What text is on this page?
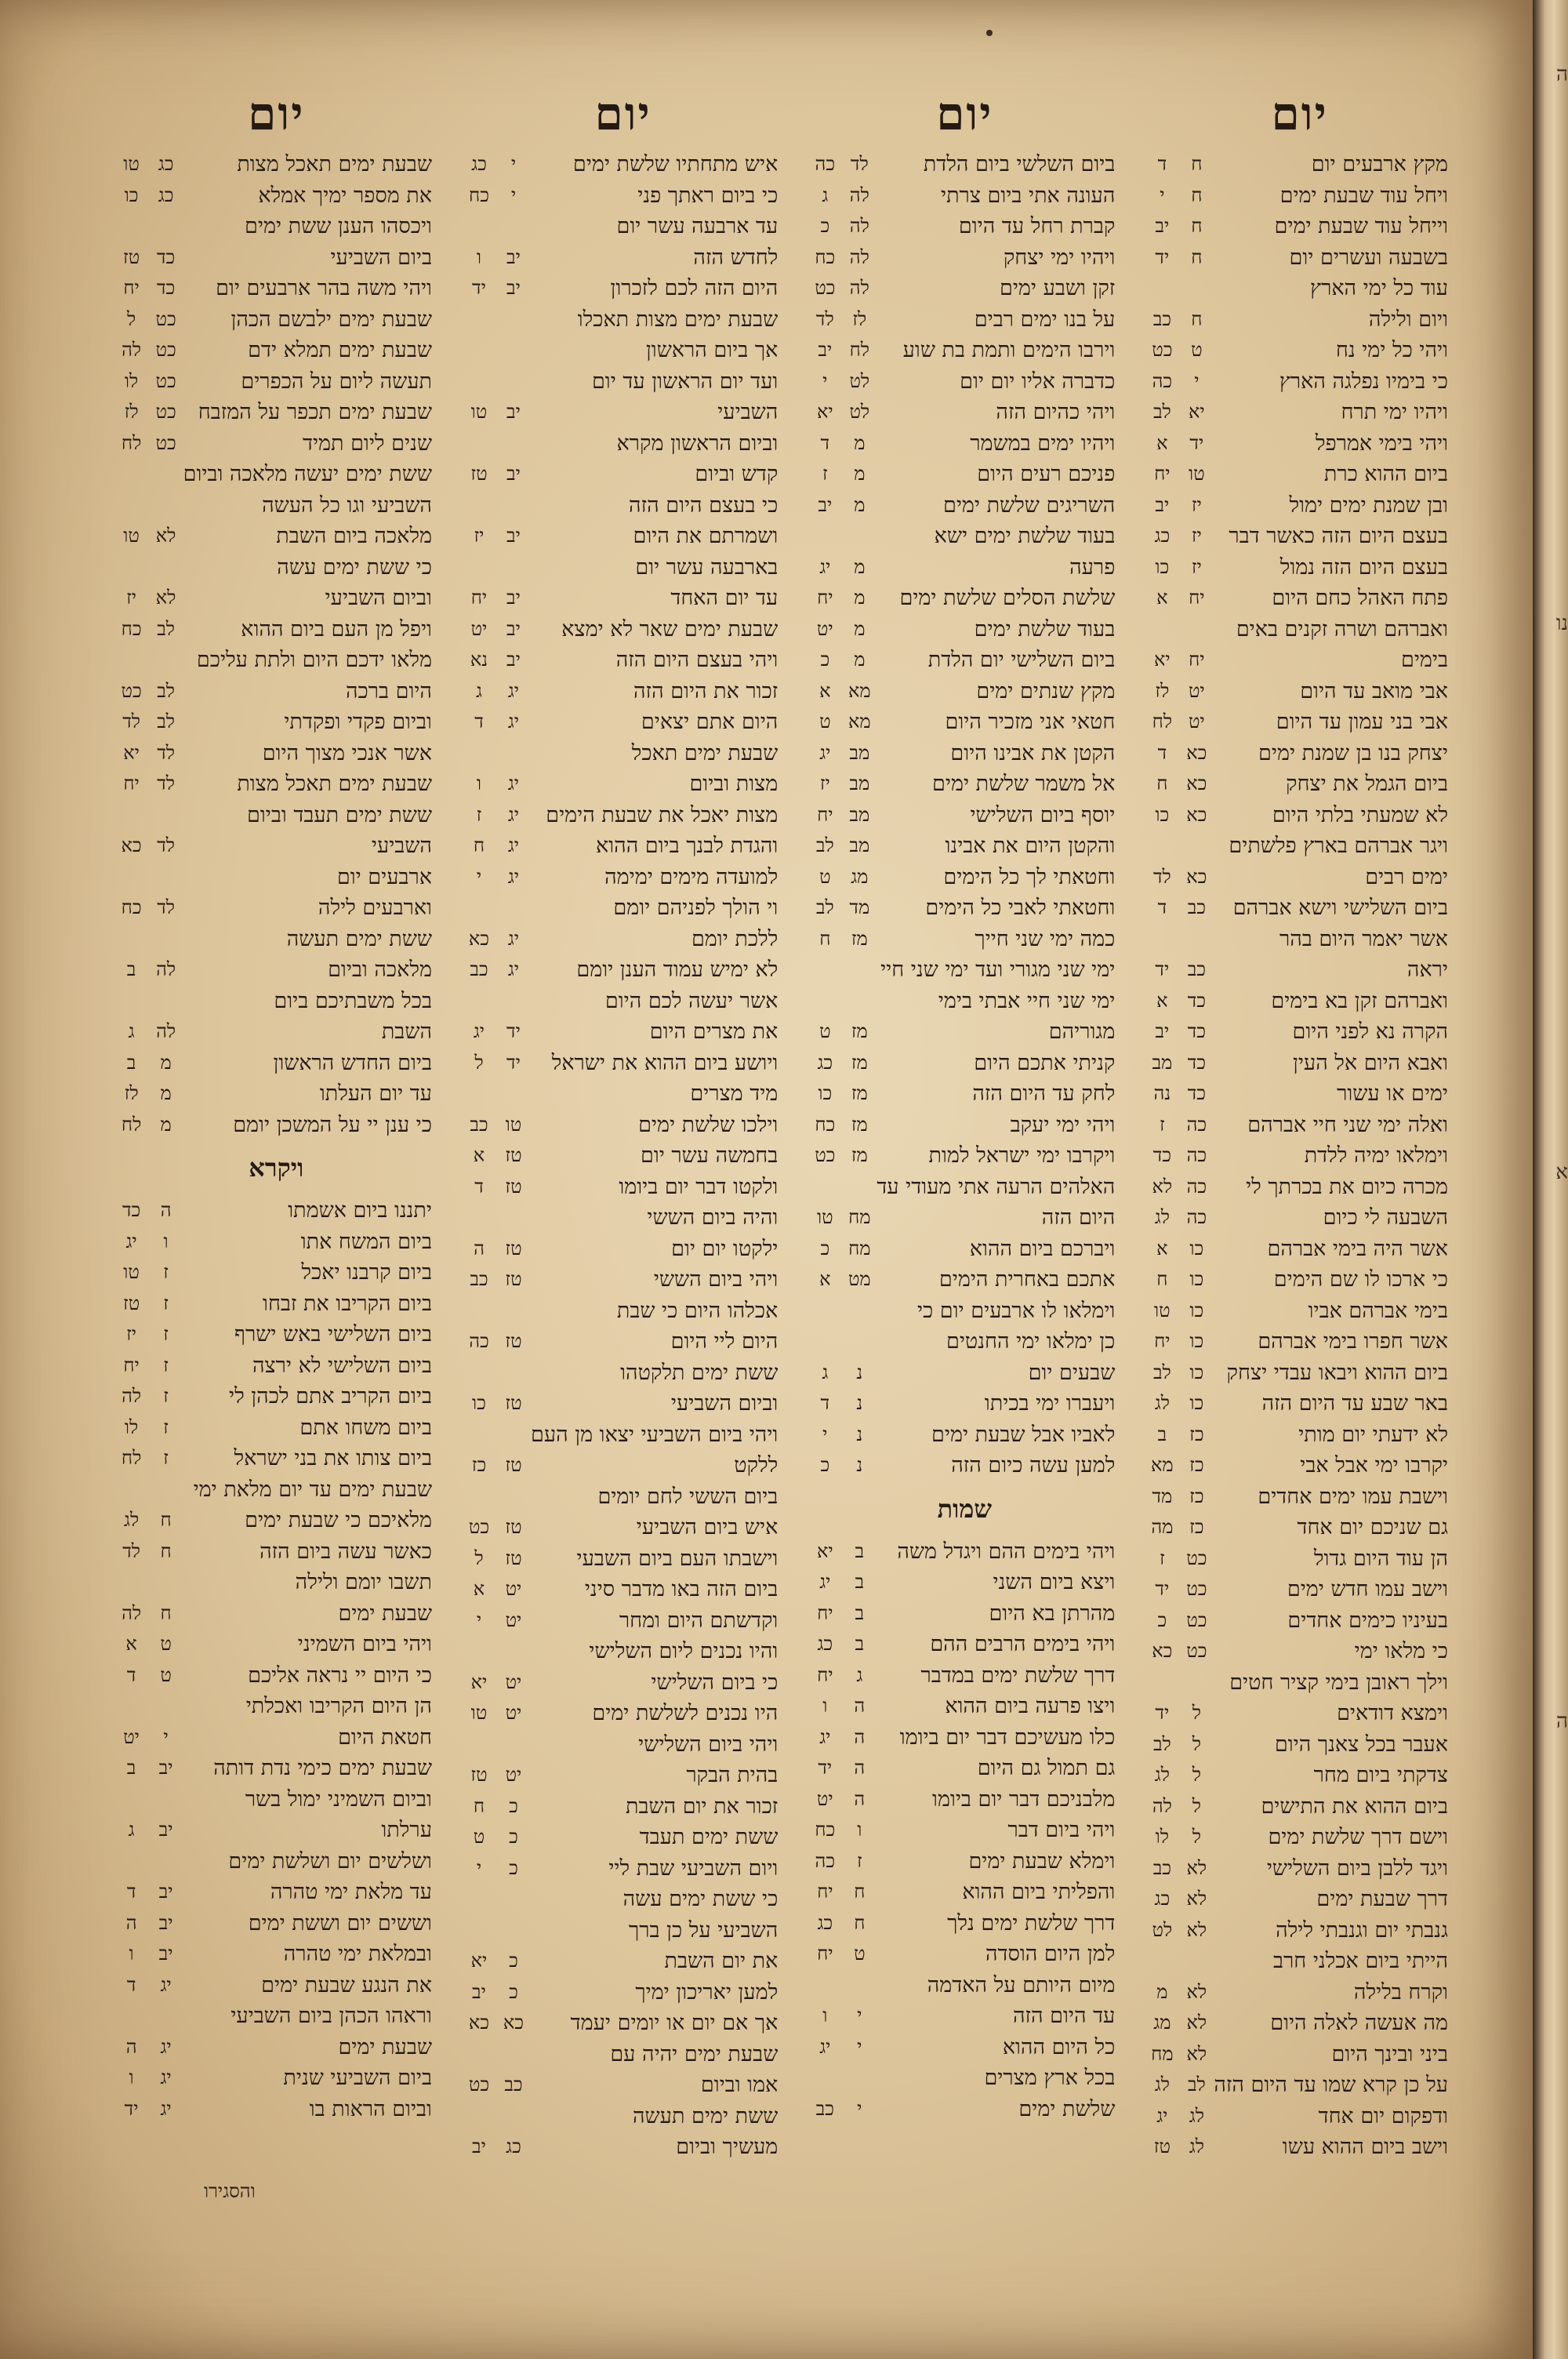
יום
מקץ ארבעים יום
ח
ד
ויחל עוד שבעת ימים
ח
י
וייחל עוד שבעת ימים
ח
יב
בשבעה ועשרים יום
ח
יד
עוד כל ימי הארץ
ויום ולילה
ח
כב
ויהי כל ימי נח
ט
כט
כי בימיו נפלגה הארץ
י
כה
ויהיו ימי תרח
יא
לב
ויהי בימי אמרפל
יד
א
ביום ההוא כרת
טו
יח
ובן שמנת ימים ימול
יז
יב
בעצם היום הזה כאשר דבר
יז
כג
בעצם היום הזה נמול
יז
כו
פתח האהל כחם היום
יח
א
ואברהם ושרה זקנים באים
בימים
יח
יא
אבי מואב עד היום
יט
לז
אבי בני עמון עד היום
יט
לח
יצחק בנו בן שמנת ימים
כא
ד
ביום הגמל את יצחק
כא
ח
לא שמעתי בלתי היום
כא
כו
ויגר אברהם בארץ פלשתים
ימים רבים
כא
לד
ביום השלישי וישא אברהם
כב
ד
אשר יאמר היום בהר
יראה
כב
יד
ואברהם זקן בא בימים
כד
א
הקרה נא לפני היום
כד
יב
ואבא היום אל העין
כד
מב
ימים או עשור
כד
נה
ואלה ימי שני חיי אברהם
כה
ז
וימלאו ימיה ללדת
כה
כד
מכרה כיום את בכרתך לי
כה
לא
השבעה לי כיום
כה
לג
אשר היה בימי אברהם
כו
א
כי ארכו לו שם הימים
כו
ח
בימי אברהם אביו
כו
טו
אשר חפרו בימי אברהם
כו
יח
ביום ההוא ויבאו עבדי יצחק
כו
לב
באר שבע עד היום הזה
כו
לג
לא ידעתי יום מותי
כז
ב
יקרבו ימי אבל אבי
כז
מא
וישבת עמו ימים אחדים
כז
מד
גם שניכם יום אחד
כז
מה
הן עוד היום גדול
כט
ז
וישב עמו חדש ימים
כט
יד
בעיניו כימים אחדים
כט
כ
כי מלאו ימי
כט
כא
וילך ראובן בימי קציר חטים
וימצא דודאים
ל
יד
אעבר בכל צאנך היום
ל
לב
צדקתי ביום מחר
ל
לג
ביום ההוא את התישים
ל
לה
וישם דרך שלשת ימים
ל
לו
ויגד ללבן ביום השלישי
לא
כב
דרך שבעת ימים
לא
כג
גנבתי יום וגנבתי לילה
לא
לט
הייתי ביום אכלני חרב
וקרח בלילה
לא
מ
מה אעשה לאלה היום
לא
מג
ביני ובינך היום
לא
מח
על כן קרא שמו עד היום הזה
לב
לג
ודפקום יום אחד
לג
יג
וישב ביום ההוא עשו
לג
טז
יום
ביום השלשי ביום הלדת
לד
כה
העונה אתי ביום צרתי
לה
ג
קברת רחל עד היום
לה
כ
ויהיו ימי יצחק
לה
כח
זקן ושבע ימים
לה
כט
על בנו ימים רבים
לז
לד
וירבו הימים ותמת בת שוע
לח
יב
כדברה אליו יום יום
לט
י
ויהי כהיום הזה
לט
יא
ויהיו ימים במשמר
מ
ד
פניכם רעים היום
מ
ז
השריגים שלשת ימים
מ
יב
בעוד שלשת ימים ישא
פרעה
מ
יג
שלשת הסלים שלשת ימים
מ
יח
בעוד שלשת ימים
מ
יט
ביום השלישי יום הלדת
מ
כ
מקץ שנתים ימים
מא
א
חטאי אני מזכיר היום
מא
ט
הקטן את אבינו היום
מב
יג
אל משמר שלשת ימים
מב
יז
יוסף ביום השלישי
מב
יח
והקטן היום את אבינו
מב
לב
וחטאתי לך כל הימים
מג
ט
וחטאתי לאבי כל הימים
מד
לב
כמה ימי שני חייך
מז
ח
ימי שני מגורי ועד ימי שני חיי
ימי שני חיי אבתי בימי
מגוריהם
מז
ט
קניתי אתכם היום
מז
כג
לחק עד היום הזה
מז
כו
ויהי ימי יעקב
מז
כח
ויקרבו ימי ישראל למות
מז
כט
האלהים הרעה אתי מעודי עד
היום הזה
מח
טו
ויברכם ביום ההוא
מח
כ
אתכם באחרית הימים
מט
א
וימלאו לו ארבעים יום כי
כן ימלאו ימי החנטים
שבעים יום
נ
ג
ויעברו ימי בכיתו
נ
ד
לאביו אבל שבעת ימים
נ
י
למען עשה כיום הזה
נ
כ
שמות
ויהי בימים ההם ויגדל משה
ב
יא
ויצא ביום השני
ב
יג
מהרתן בא היום
ב
יח
ויהי בימים הרבים ההם
ב
כג
דרך שלשת ימים במדבר
ג
יח
ויצו פרעה ביום ההוא
ה
ו
כלו מעשיכם דבר יום ביומו
ה
יג
גם תמול גם היום
ה
יד
מלבניכם דבר יום ביומו
ה
יט
ויהי ביום דבר
ו
כח
וימלא שבעת ימים
ז
כה
והפליתי ביום ההוא
ח
יח
דרך שלשת ימים נלך
ח
כג
למן היום הוסדה
ט
יח
מיום היותם על האדמה
עד היום הזה
י
ו
כל היום ההוא
י
יג
בכל ארץ מצרים
שלשת ימים
י
כב
יום
איש מתחתיו שלשת ימים
י
כג
כי ביום ראתך פני
י
כח
עד ארבעה עשר יום
לחדש הזה
יב
ו
היום הזה לכם לזכרון
יב
יד
שבעת ימים מצות תאכלו
אך ביום הראשון
ועד יום הראשון עד יום
השביעי
יב
טו
וביום הראשון מקרא
קדש וביום
יב
טז
כי בעצם היום הזה
ושמרתם את היום
יב
יז
בארבעה עשר יום
עד יום האחד
יב
יח
שבעת ימים שאר לא ימצא
יב
יט
ויהי בעצם היום הזה
יב
נא
זכור את היום הזה
יג
ג
היום אתם יצאים
יג
ד
שבעת ימים תאכל
מצות וביום
יג
ו
מצות יאכל את שבעת הימים
יג
ז
והגדת לבנך ביום ההוא
יג
ח
למועדה מימים ימימה
יג
י
וי הולך לפניהם יומם
ללכת יומם
יג
כא
לא ימיש עמוד הענן יומם
יג
כב
אשר יעשה לכם היום
את מצרים היום
יד
יג
ויושע ביום ההוא את ישראל
יד
ל
מיד מצרים
וילכו שלשת ימים
טו
כב
בחמשה עשר יום
טז
א
ולקטו דבר יום ביומו
טז
ד
והיה ביום הששי
ילקטו יום יום
טז
ה
ויהי ביום הששי
טז
כב
אכלהו היום כי שבת
היום ליי היום
טז
כה
ששת ימים תלקטהו
וביום השביעי
טז
כו
ויהי ביום השביעי יצאו מן העם
ללקט
טז
כז
ביום הששי לחם יומים
איש ביום השביעי
טז
כט
וישבתו העם ביום השבעי
טז
ל
ביום הזה באו מדבר סיני
יט
א
וקדשתם היום ומחר
יט
י
והיו נכנים ליום השלישי
כי ביום השלישי
יט
יא
היו נכנים לשלשת ימים
יט
טו
ויהי ביום השלישי
בהית הבקר
יט
טז
זכור את יום השבת
כ
ח
ששת ימים תעבד
כ
ט
ויום השביעי שבת ליי
כ
י
כי ששת ימים עשה
השביעי על כן ברך
את יום השבת
כ
יא
למען יאריכון ימיך
כ
יב
אך אם יום או יומים יעמד
כא
כא
שבעת ימים יהיה עם
אמו וביום
כב
כט
ששת ימים תעשה
מעשיך וביום
כג
יב
יום
שבעת ימים תאכל מצות
כג
טו
את מספר ימיך אמלא
כג
כו
ויכסהו הענן ששת ימים
ביום השביעי
כד
טז
ויהי משה בהר ארבעים יום
כד
יח
שבעת ימים ילבשם הכהן
כט
ל
שבעת ימים תמלא ידם
כט
לה
תעשה ליום על הכפרים
כט
לו
שבעת ימים תכפר על המזבח
כט
לז
שנים ליום תמיד
כט
לח
ששת ימים יעשה מלאכה וביום
השביעי וגו כל העשה
מלאכה ביום השבת
לא
טו
כי ששת ימים עשה
וביום השביעי
לא
יז
ויפל מן העם ביום ההוא
לב
כח
מלאו ידכם היום ולתת עליכם
היום ברכה
לב
כט
וביום פקדי ופקדתי
לב
לד
אשר אנכי מצוך היום
לד
יא
שבעת ימים תאכל מצות
לד
יח
ששת ימים תעבד וביום
השביעי
לד
כא
ארבעים יום
וארבעים לילה
לד
כח
ששת ימים תעשה
מלאכה וביום
לה
ב
בכל משבתיכם ביום
השבת
לה
ג
ביום החדש הראשון
מ
ב
עד יום העלתו
מ
לז
כי ענן יי על המשכן יומם
מ
לח
ויקרא
יתננו ביום אשמתו
ה
כד
ביום המשח אתו
ו
יג
ביום קרבנו יאכל
ז
טו
ביום הקריבו את זבחו
ז
טז
ביום השלישי באש ישרף
ז
יז
ביום השלישי לא ירצה
ז
יח
ביום הקריב אתם לכהן לי
ז
לה
ביום משחו אתם
ז
לו
ביום צותו את בני ישראל
ז
לח
שבעת ימים עד יום מלאת ימי
מלאיכם כי שבעת ימים
ח
לג
כאשר עשה ביום הזה
ח
לד
תשבו יומם ולילה
שבעת ימים
ח
לה
ויהי ביום השמיני
ט
א
כי היום יי נראה אליכם
ט
ד
הן היום הקריבו ואכלתי
חטאת היום
י
יט
שבעת ימים כימי נדת דותה
יב
ב
וביום השמיני ימול בשר
ערלתו
יב
ג
ושלשים יום ושלשת ימים
עד מלאת ימי טהרה
יב
ד
וששים יום וששת ימים
יב
ה
ובמלאת ימי טהרה
יב
ו
את הנגע שבעת ימים
יג
ד
וראהו הכהן ביום השביעי
שבעת ימים
יג
ה
ביום השביעי שנית
יג
ו
וביום הראות בו
יג
יד
והסגירו
ה
נו
א
ה
